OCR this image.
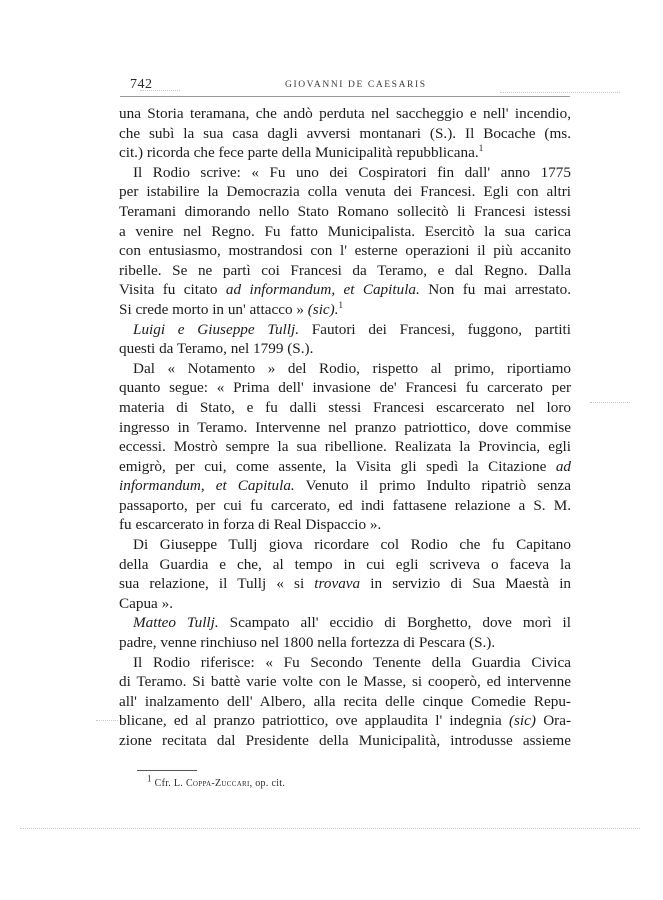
742	GIOVANNI DE CAESARIS
una Storia teramana, che andò perduta nel saccheggio e nell' incendio,
che subì la sua casa dagli avversi montanari (S.). Il Bocache (ms.
cit.) ricorda che fece parte della Municipalità repubblicana.$^1$
Il Rodio scrive: « Fu uno dei Cospiratori fin dall' anno 1775
per istabilire la Democrazia colla venuta dei Francesi. Egli con altri
Teramani dimorando nello Stato Romano sollecitò li Francesi istessi
a venire nel Regno. Fu fatto Municipalista. Esercitò la sua carica
con entusiasmo, mostrandosi con l' esterne operazioni il più accanito
ribelle. Se ne partì coi Francesi da Teramo, e dal Regno. Dalla
Visita fu citato ad informandum, et Capitula. Non fu mai arrestato.
Si crede morto in un' attacco » (sic).$^1$
Luigi e Giuseppe Tullj. Fautori dei Francesi, fuggono, partiti
questi da Teramo, nel 1799 (S.).
Dal « Notamento » del Rodio, rispetto al primo, riportiamo
quanto segue: « Prima dell' invasione de' Francesi fu carcerato per
materia di Stato, e fu dalli stessi Francesi escarcerato nel loro
ingresso in Teramo. Intervenne nel pranzo patriottico, dove commise
eccessi. Mostrò sempre la sua ribellione. Realizata la Provincia, egli
emigrò, per cui, come assente, la Visita gli spedì la Citazione ad
informandum, et Capitula. Venuto il primo Indulto ripatriò senza
passaporto, per cui fu carcerato, ed indi fattasene relazione a S. M.
fu escarcerato in forza di Real Dispaccio ».
Di Giuseppe Tullj giova ricordare col Rodio che fu Capitano
della Guardia e che, al tempo in cui egli scriveva o faceva la
sua relazione, il Tullj « si trovava in servizio di Sua Maestà in
Capua ».
Matteo Tullj. Scampato all' eccidio di Borghetto, dove morì il
padre, venne rinchiuso nel 1800 nella fortezza di Pescara (S.).
Il Rodio riferisce: « Fu Secondo Tenente della Guardia Civica
di Teramo. Si battè varie volte con le Masse, si cooperò, ed intervenne
all' inalzamento dell' Albero, alla recita delle cinque Comedie Repu-
blicane, ed al pranzo patriottico, ove applaudita l' indegnia (sic) Ora-
zione recitata dal Presidente della Municipalità, introdusse assieme
$^1$ Cfr. L. Coppa-Zuccari, op. cit.
